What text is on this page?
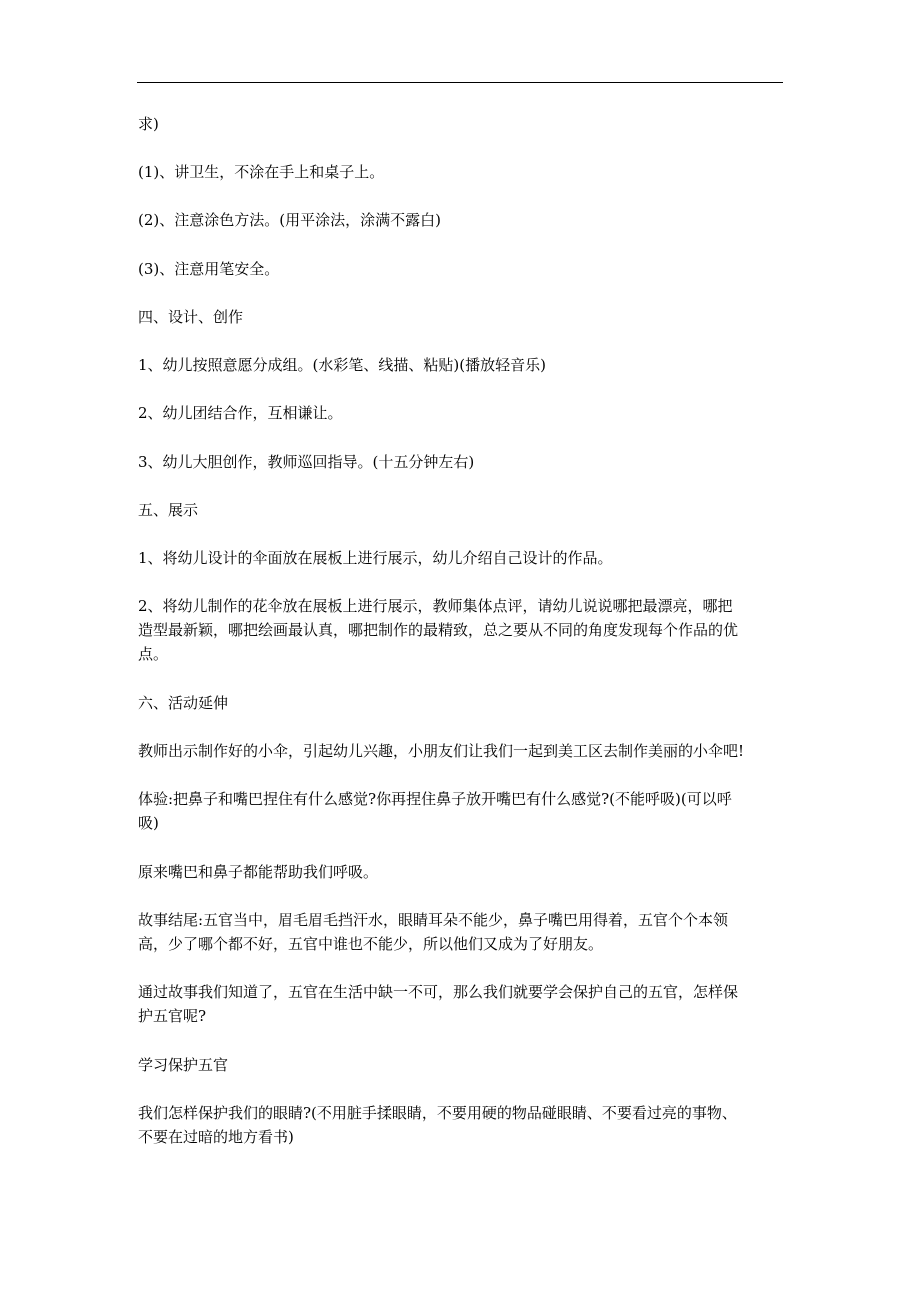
求)

(1)、讲卫生，不涂在手上和桌子上。

(2)、注意涂色方法。(用平涂法，涂满不露白)

(3)、注意用笔安全。

四、设计、创作

1、幼儿按照意愿分成组。(水彩笔、线描、粘贴)(播放轻音乐)

2、幼儿团结合作，互相谦让。

3、幼儿大胆创作，教师巡回指导。(十五分钟左右)

五、展示

1、将幼儿设计的伞面放在展板上进行展示，幼儿介绍自己设计的作品。

2、将幼儿制作的花伞放在展板上进行展示，教师集体点评，请幼儿说说哪把最漂亮，哪把
造型最新颖，哪把绘画最认真，哪把制作的最精致，总之要从不同的角度发现每个作品的优
点。

六、活动延伸

教师出示制作好的小伞，引起幼儿兴趣，小朋友们让我们一起到美工区去制作美丽的小伞吧!

体验:把鼻子和嘴巴捏住有什么感觉?你再捏住鼻子放开嘴巴有什么感觉?(不能呼吸)(可以呼
吸)

原来嘴巴和鼻子都能帮助我们呼吸。

故事结尾:五官当中，眉毛眉毛挡汗水，眼睛耳朵不能少，鼻子嘴巴用得着，五官个个本领
高，少了哪个都不好，五官中谁也不能少，所以他们又成为了好朋友。

通过故事我们知道了，五官在生活中缺一不可，那么我们就要学会保护自己的五官，怎样保
护五官呢?

学习保护五官

我们怎样保护我们的眼睛?(不用脏手揉眼睛，不要用硬的物品碰眼睛、不要看过亮的事物、
不要在过暗的地方看书)
